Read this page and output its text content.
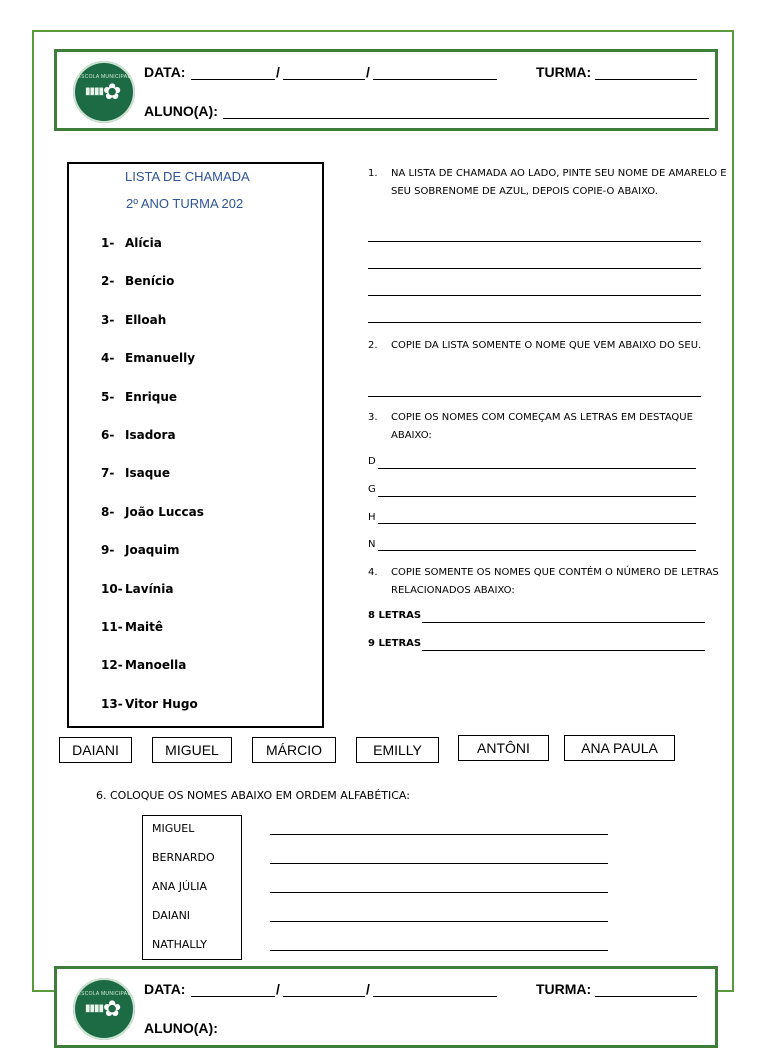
ESCOLA MUNICIPAL
▮▮▮▮ ✿
DATA:	/	/	TURMA:
ALUNO(A):
LISTA DE CHAMADA
2º ANO TURMA 202
1- Alícia
2- Benício
3- Elloah
4- Emanuelly
5- Enrique
6- Isadora
7- Isaque
8- João Luccas
9- Joaquim
10- Lavínia
11- Maitê
12- Manoella
13- Vitor Hugo
1. NA LISTA DE CHAMADA AO LADO, PINTE SEU NOME DE AMARELO E SEU SOBRENOME DE AZUL, DEPOIS COPIE-O ABAIXO.
2. COPIE DA LISTA SOMENTE O NOME QUE VEM ABAIXO DO SEU.
3. COPIE OS NOMES COM COMEÇAM AS LETRAS EM DESTAQUE ABAIXO:
D
G
H
N
4. COPIE SOMENTE OS NOMES QUE CONTÉM O NÚMERO DE LETRAS RELACIONADOS ABAIXO:
8 LETRAS
9 LETRAS
DAIANI	MIGUEL	MÁRCIO	EMILLY	ANTÔNI	ANA PAULA
6. COLOQUE OS NOMES ABAIXO EM ORDEM ALFABÉTICA:
MIGUEL
BERNARDO
ANA JÚLIA
DAIANI
NATHALLY
ESCOLA MUNICIPAL
▮▮▮▮ ✿
DATA:	/	/	TURMA:
ALUNO(A):
